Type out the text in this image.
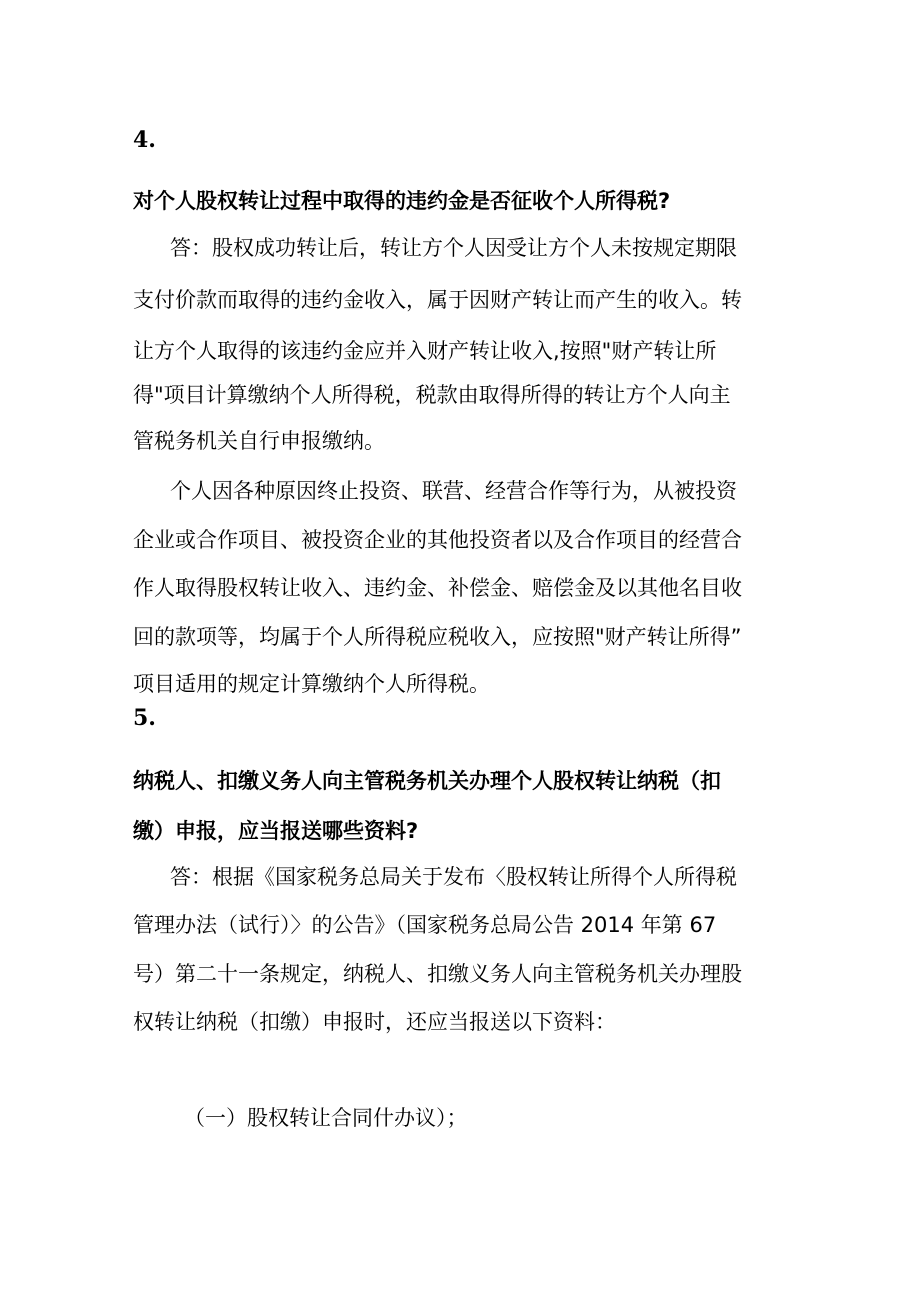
4.

对个人股权转让过程中取得的违约金是否征收个人所得税?

答：股权成功转让后，转让方个人因受让方个人未按规定期限

支付价款而取得的违约金收入，属于因财产转让而产生的收入。转

让方个人取得的该违约金应并入财产转让收入,按照"财产转让所

得"项目计算缴纳个人所得税，税款由取得所得的转让方个人向主

管税务机关自行申报缴纳。

个人因各种原因终止投资、联营、经营合作等行为，从被投资

企业或合作项目、被投资企业的其他投资者以及合作项目的经营合

作人取得股权转让收入、违约金、补偿金、赔偿金及以其他名目收

回的款项等，均属于个人所得税应税收入，应按照"财产转让所得”

项目适用的规定计算缴纳个人所得税。

5.

纳税人、扣缴义务人向主管税务机关办理个人股权转让纳税（扣

缴）申报，应当报送哪些资料?

答：根据《国家税务总局关于发布〈股权转让所得个人所得税

管理办法（试行）〉的公告》（国家税务总局公告 2014 年第 67

号）第二十一条规定，纳税人、扣缴义务人向主管税务机关办理股

权转让纳税（扣缴）申报时，还应当报送以下资料：

（一）股权转让合同什办议）；
